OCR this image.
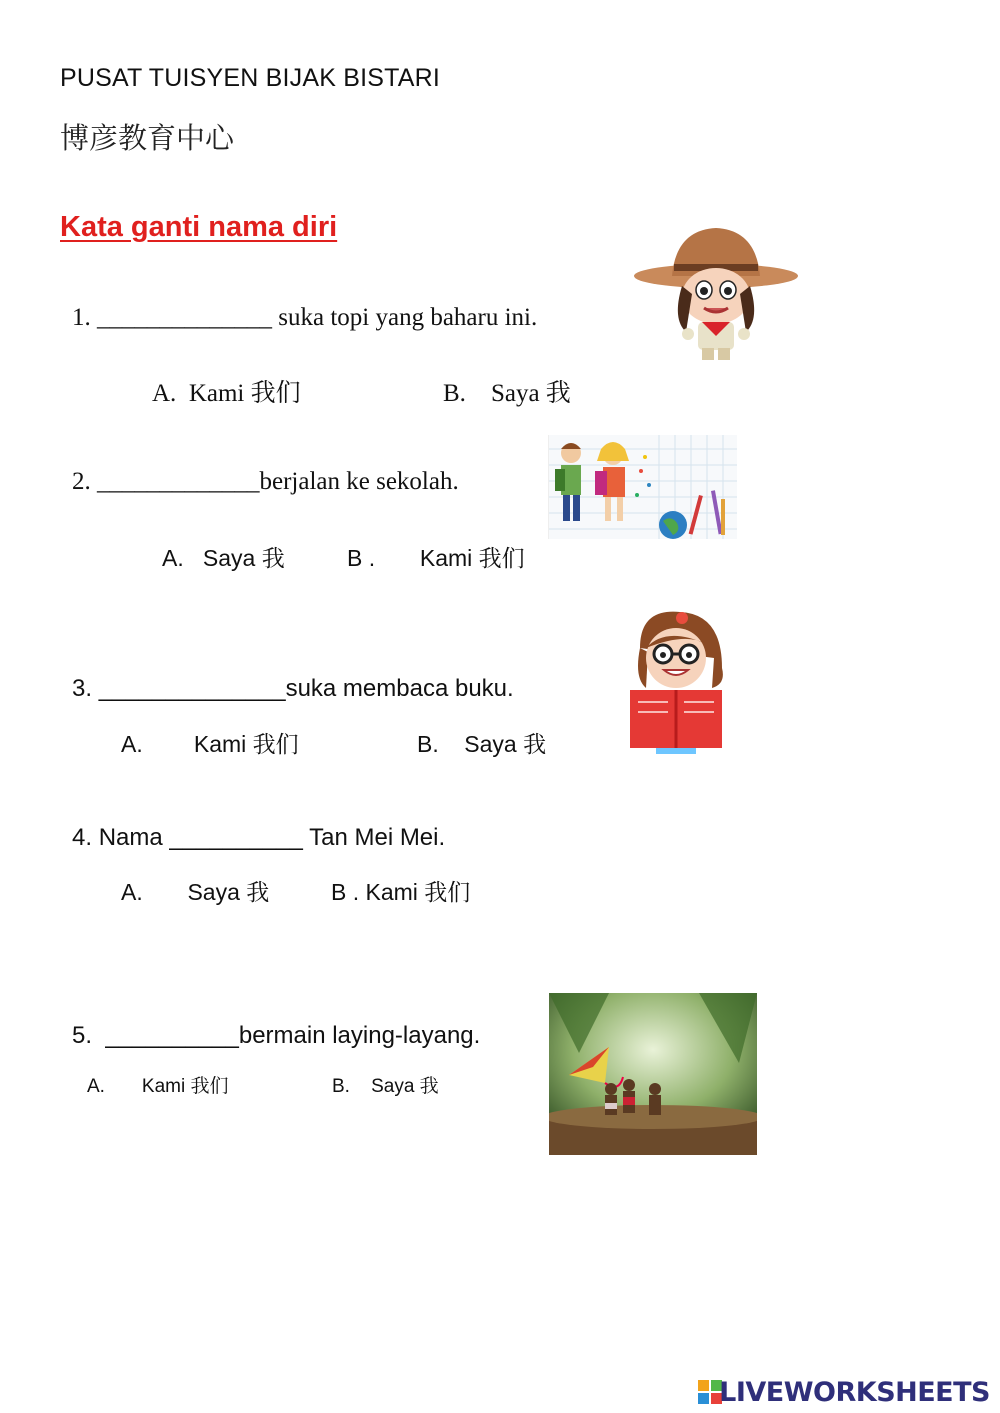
PUSAT TUISYEN BIJAK BISTARI
博彦教育中心
Kata ganti nama diri
1. ______________ suka topi yang baharu ini.
A. Kami 我们	B. Saya 我
2. _____________berjalan ke sekolah.
A. Saya 我	B . Kami 我们
3. ______________suka membaca buku.
A. Kami 我们	B. Saya 我
4. Nama __________ Tan Mei Mei.
A. Saya 我	B . Kami 我们
5. __________bermain laying-layang.
A. Kami 我们	B. Saya 我
LIVEWORKSHEETS
